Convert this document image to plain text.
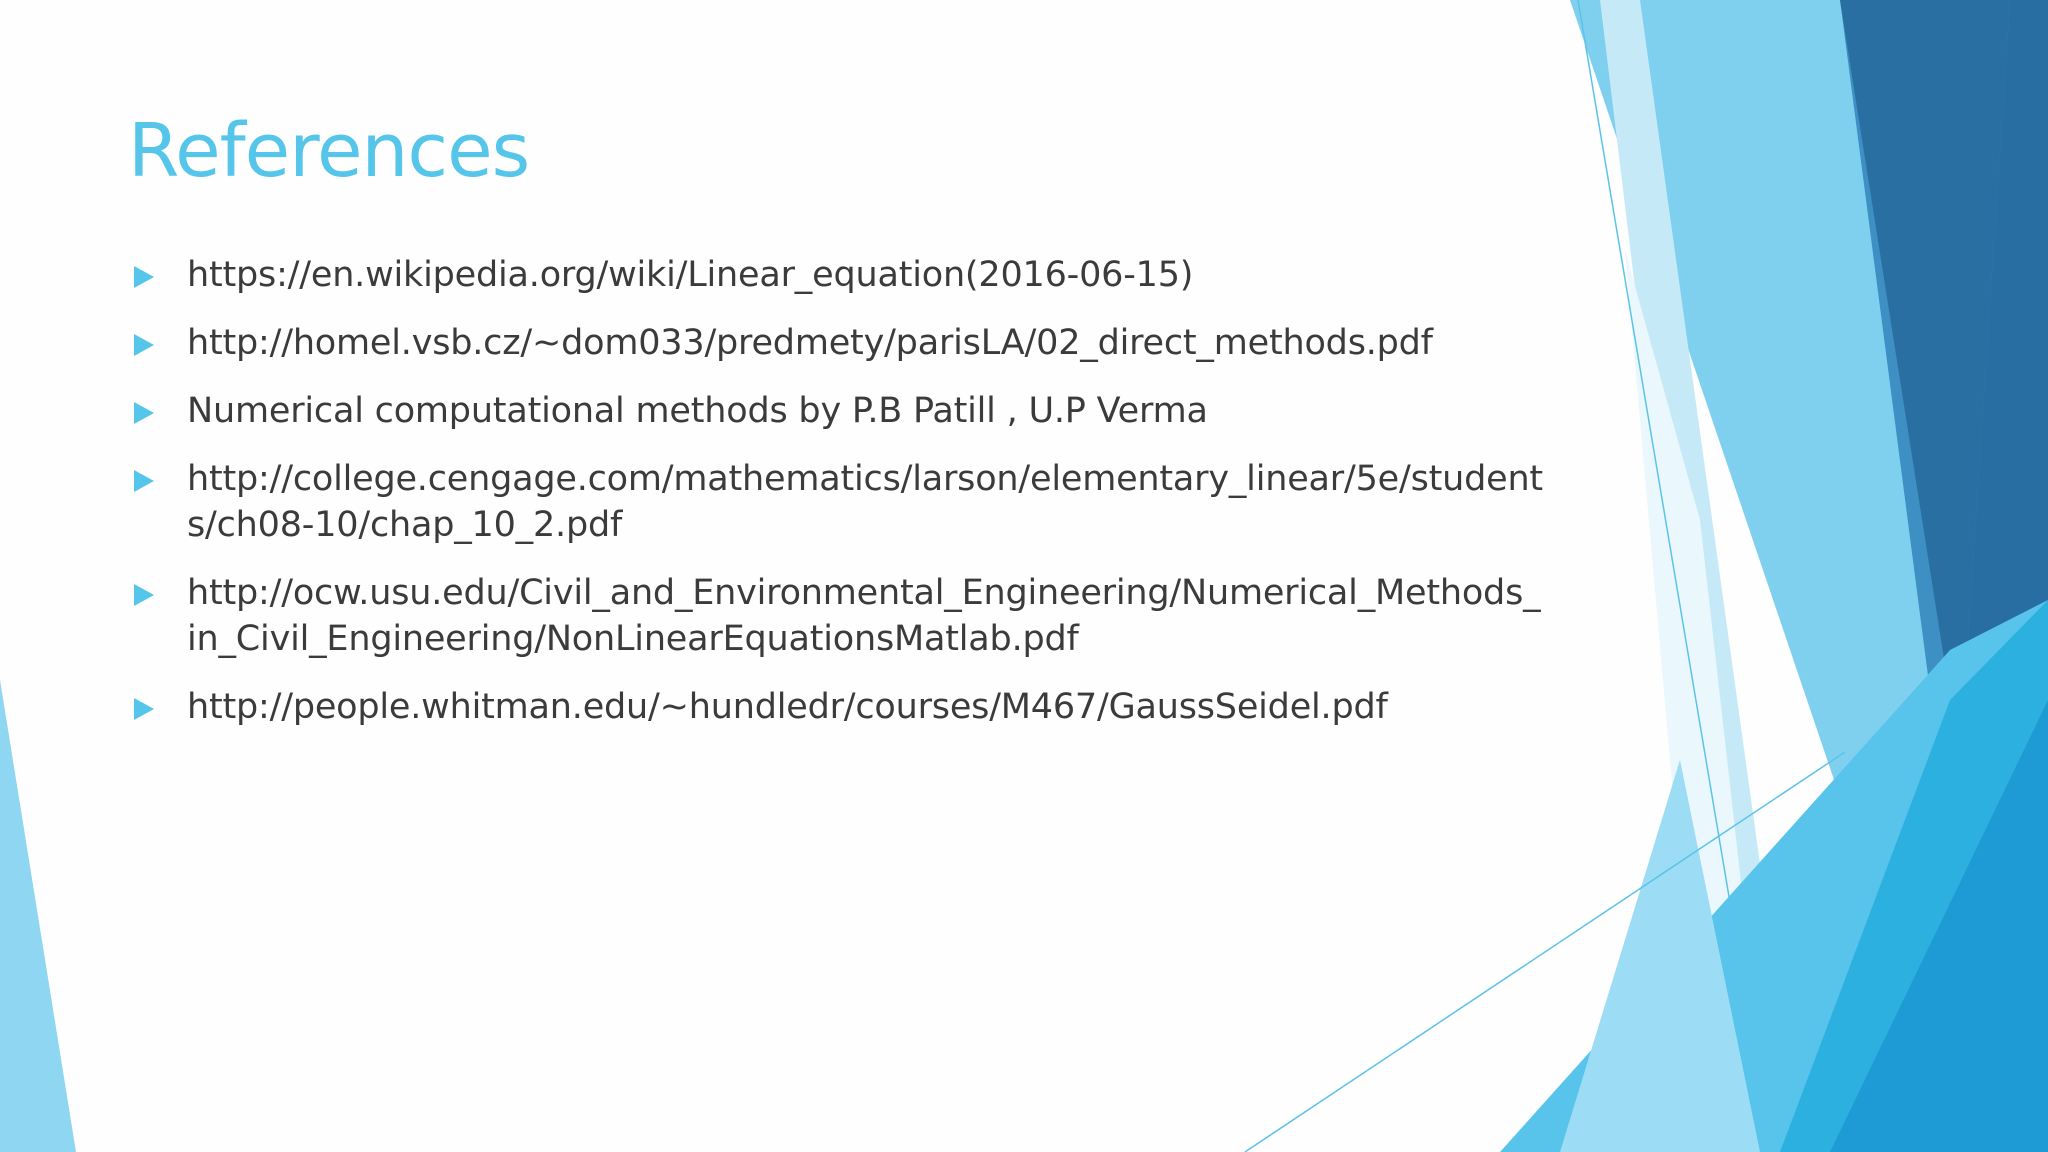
References
https://en.wikipedia.org/wiki/Linear_equation(2016-06-15)
http://homel.vsb.cz/~dom033/predmety/parisLA/02_direct_methods.pdf
Numerical computational methods by P.B Patill , U.P Verma
http://college.cengage.com/mathematics/larson/elementary_linear/5e/students/ch08-10/chap_10_2.pdf
http://ocw.usu.edu/Civil_and_Environmental_Engineering/Numerical_Methods_in_Civil_Engineering/NonLinearEquationsMatlab.pdf
http://people.whitman.edu/~hundledr/courses/M467/GaussSeidel.pdf
